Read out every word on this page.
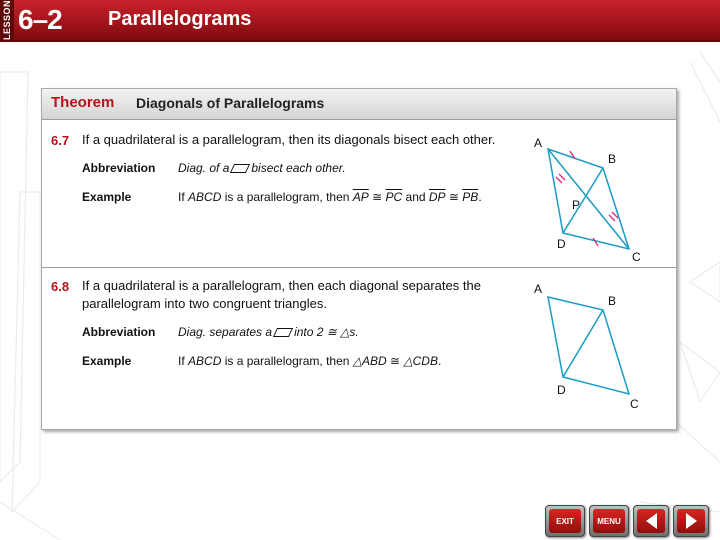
LESSON 6–2 Parallelograms
Theorem Diagonals of Parallelograms
6.7 If a quadrilateral is a parallelogram, then its diagonals bisect each other.
Abbreviation Diag. of a bisect each other.
Example	If ABCD is a parallelogram, then $\overline{AP}$ ≅ $\overline{PC}$ and $\overline{DP}$ ≅ $\overline{PB}$.
A
B
C
D
P
6.8 If a quadrilateral is a parallelogram, then each diagonal separates the
parallelogram into two congruent triangles.
Abbreviation Diag. separates a into 2 ≅ △s.
Example	If ABCD is a parallelogram, then △ABD ≅ △CDB.
A
B
C
D
EXIT	MENU
